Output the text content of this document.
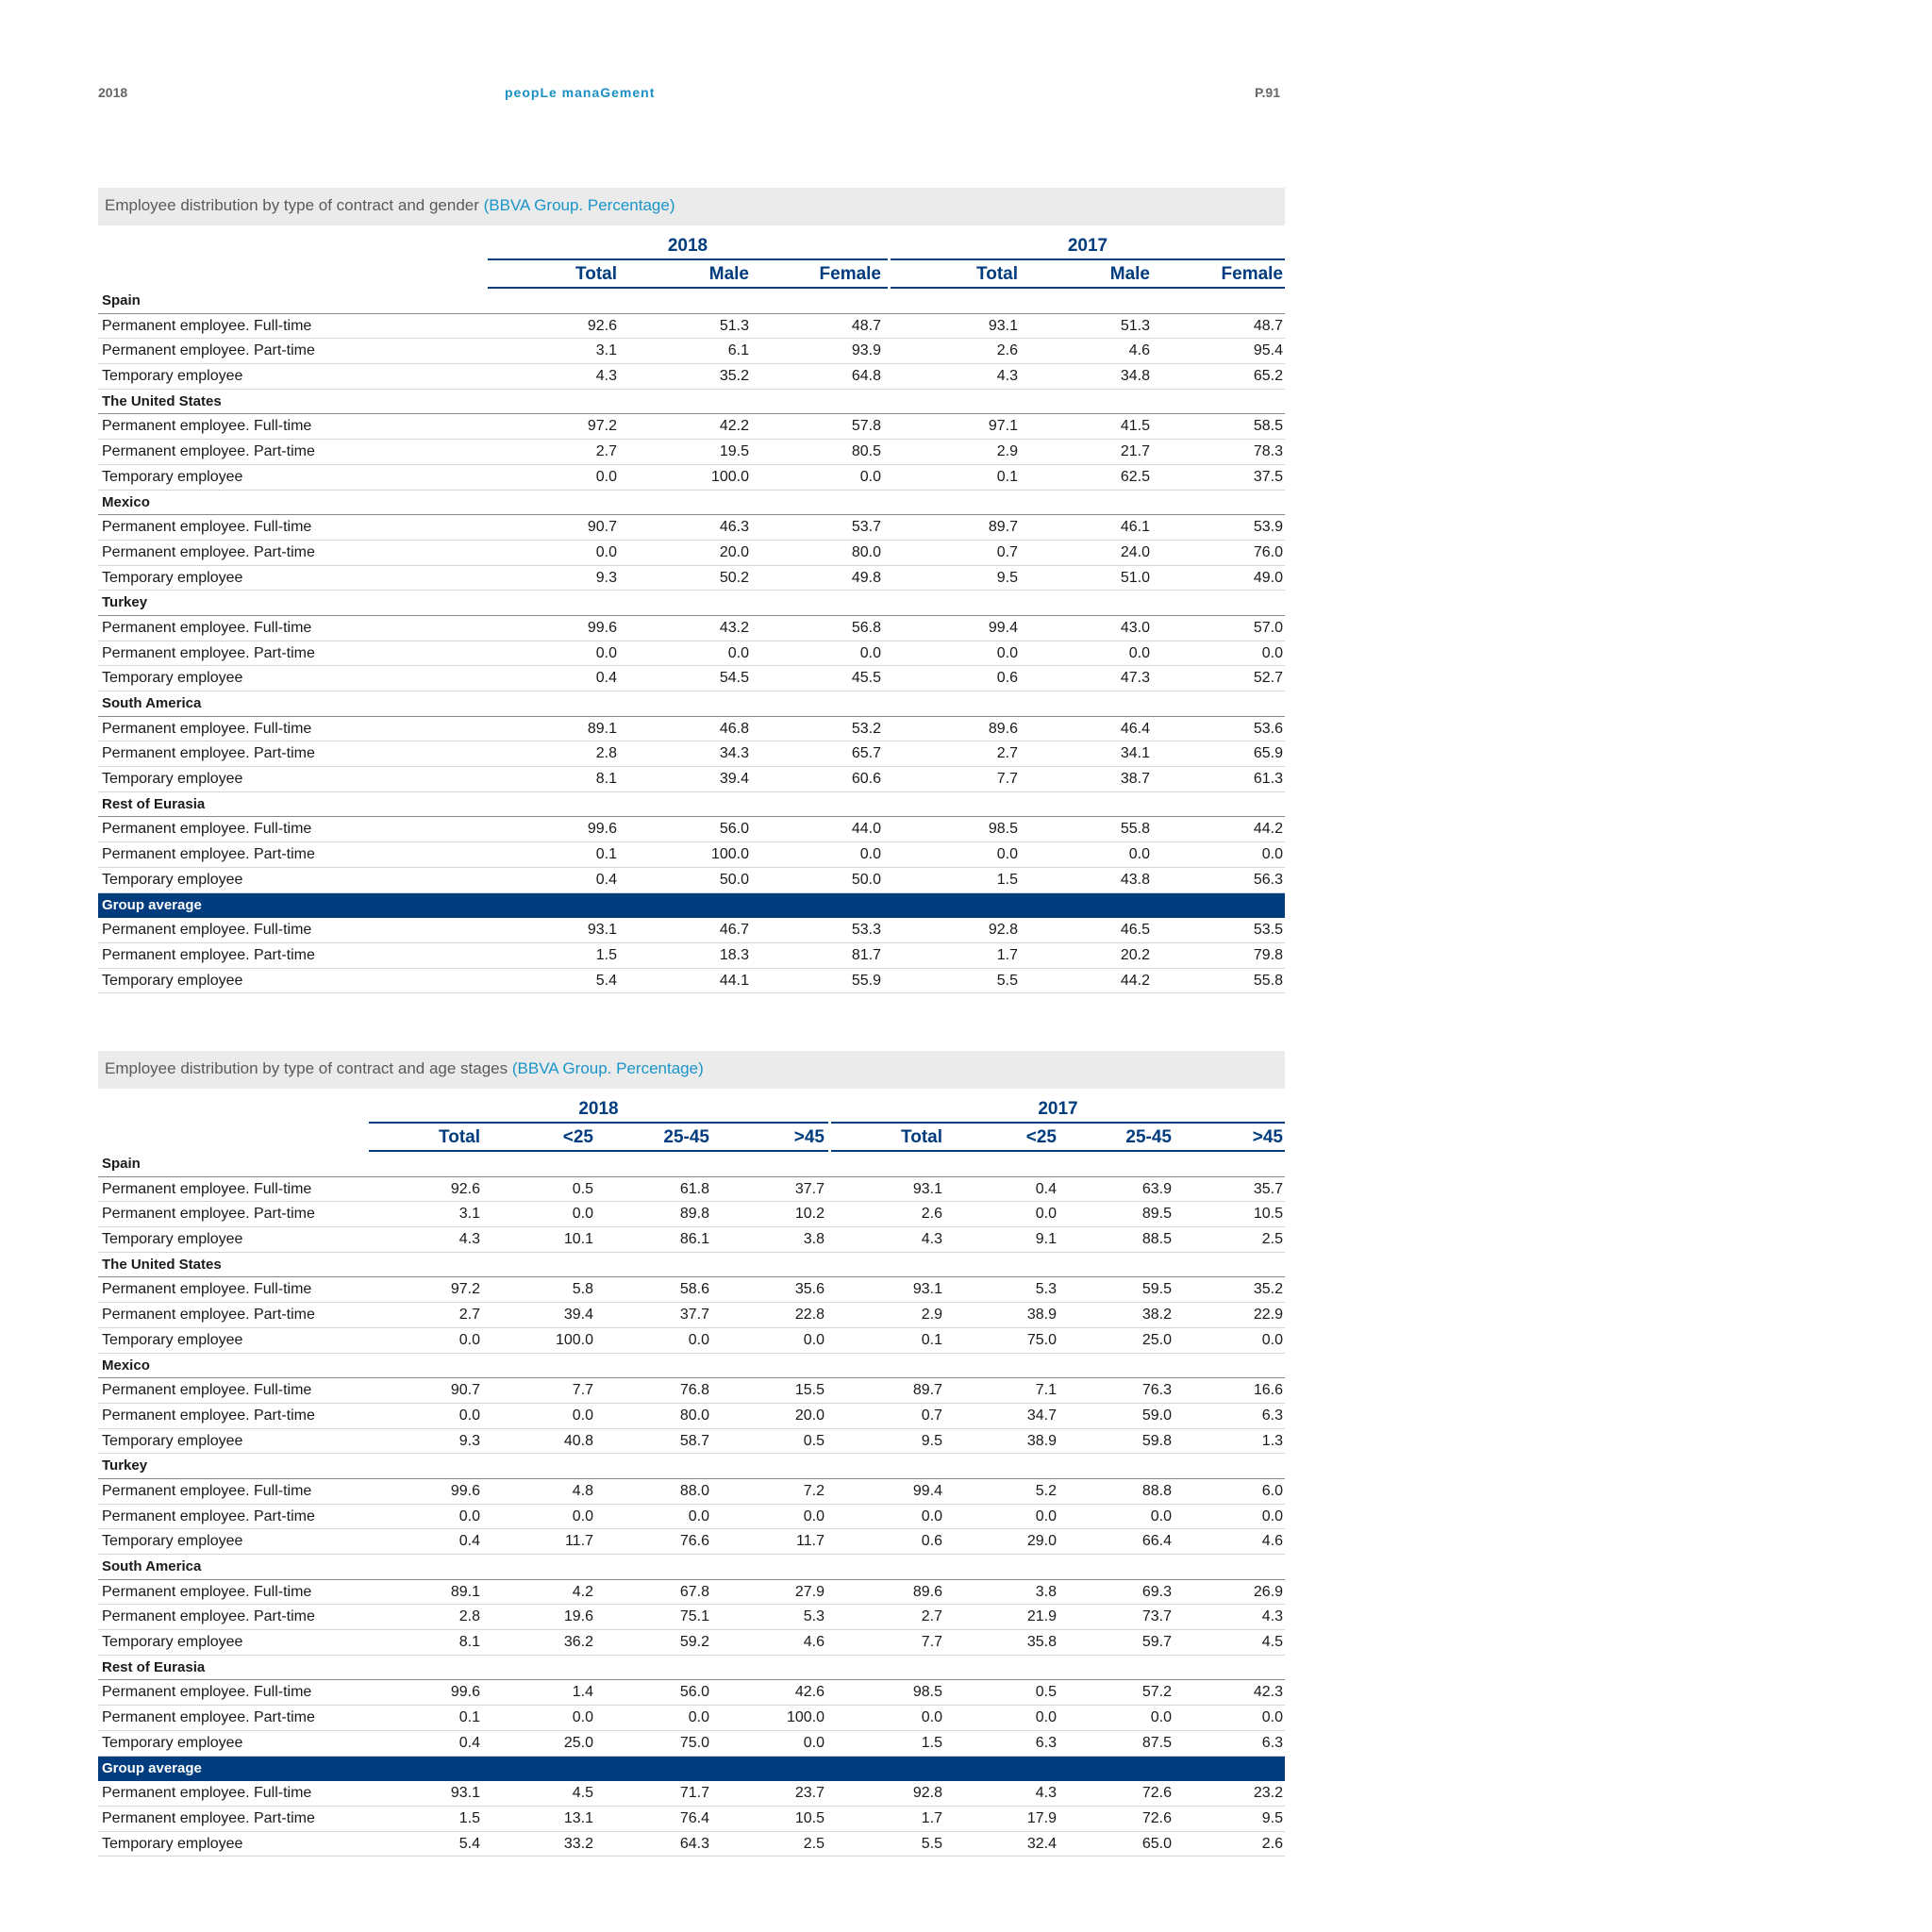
2018	peopLe manaGement	P.91
Employee distribution by type of contract and gender (BBVA Group. Percentage)
2018	2017
Total	Male	Female	Total	Male	Female
Spain
Permanent employee. Full-time	92.6	51.3	48.7	93.1	51.3	48.7
Permanent employee. Part-time	3.1	6.1	93.9	2.6	4.6	95.4
Temporary employee	4.3	35.2	64.8	4.3	34.8	65.2
The United States
Permanent employee. Full-time	97.2	42.2	57.8	97.1	41.5	58.5
Permanent employee. Part-time	2.7	19.5	80.5	2.9	21.7	78.3
Temporary employee	0.0	100.0	0.0	0.1	62.5	37.5
Mexico
Permanent employee. Full-time	90.7	46.3	53.7	89.7	46.1	53.9
Permanent employee. Part-time	0.0	20.0	80.0	0.7	24.0	76.0
Temporary employee	9.3	50.2	49.8	9.5	51.0	49.0
Turkey
Permanent employee. Full-time	99.6	43.2	56.8	99.4	43.0	57.0
Permanent employee. Part-time	0.0	0.0	0.0	0.0	0.0	0.0
Temporary employee	0.4	54.5	45.5	0.6	47.3	52.7
South America
Permanent employee. Full-time	89.1	46.8	53.2	89.6	46.4	53.6
Permanent employee. Part-time	2.8	34.3	65.7	2.7	34.1	65.9
Temporary employee	8.1	39.4	60.6	7.7	38.7	61.3
Rest of Eurasia
Permanent employee. Full-time	99.6	56.0	44.0	98.5	55.8	44.2
Permanent employee. Part-time	0.1	100.0	0.0	0.0	0.0	0.0
Temporary employee	0.4	50.0	50.0	1.5	43.8	56.3
Group average
Permanent employee. Full-time	93.1	46.7	53.3	92.8	46.5	53.5
Permanent employee. Part-time	1.5	18.3	81.7	1.7	20.2	79.8
Temporary employee	5.4	44.1	55.9	5.5	44.2	55.8
Employee distribution by type of contract and age stages (BBVA Group. Percentage)
2018	2017
Total	<25	25-45	>45	Total	<25	25-45	>45
Spain
Permanent employee. Full-time	92.6	0.5	61.8	37.7	93.1	0.4	63.9	35.7
Permanent employee. Part-time	3.1	0.0	89.8	10.2	2.6	0.0	89.5	10.5
Temporary employee	4.3	10.1	86.1	3.8	4.3	9.1	88.5	2.5
The United States
Permanent employee. Full-time	97.2	5.8	58.6	35.6	93.1	5.3	59.5	35.2
Permanent employee. Part-time	2.7	39.4	37.7	22.8	2.9	38.9	38.2	22.9
Temporary employee	0.0	100.0	0.0	0.0	0.1	75.0	25.0	0.0
Mexico
Permanent employee. Full-time	90.7	7.7	76.8	15.5	89.7	7.1	76.3	16.6
Permanent employee. Part-time	0.0	0.0	80.0	20.0	0.7	34.7	59.0	6.3
Temporary employee	9.3	40.8	58.7	0.5	9.5	38.9	59.8	1.3
Turkey
Permanent employee. Full-time	99.6	4.8	88.0	7.2	99.4	5.2	88.8	6.0
Permanent employee. Part-time	0.0	0.0	0.0	0.0	0.0	0.0	0.0	0.0
Temporary employee	0.4	11.7	76.6	11.7	0.6	29.0	66.4	4.6
South America
Permanent employee. Full-time	89.1	4.2	67.8	27.9	89.6	3.8	69.3	26.9
Permanent employee. Part-time	2.8	19.6	75.1	5.3	2.7	21.9	73.7	4.3
Temporary employee	8.1	36.2	59.2	4.6	7.7	35.8	59.7	4.5
Rest of Eurasia
Permanent employee. Full-time	99.6	1.4	56.0	42.6	98.5	0.5	57.2	42.3
Permanent employee. Part-time	0.1	0.0	0.0	100.0	0.0	0.0	0.0	0.0
Temporary employee	0.4	25.0	75.0	0.0	1.5	6.3	87.5	6.3
Group average
Permanent employee. Full-time	93.1	4.5	71.7	23.7	92.8	4.3	72.6	23.2
Permanent employee. Part-time	1.5	13.1	76.4	10.5	1.7	17.9	72.6	9.5
Temporary employee	5.4	33.2	64.3	2.5	5.5	32.4	65.0	2.6
